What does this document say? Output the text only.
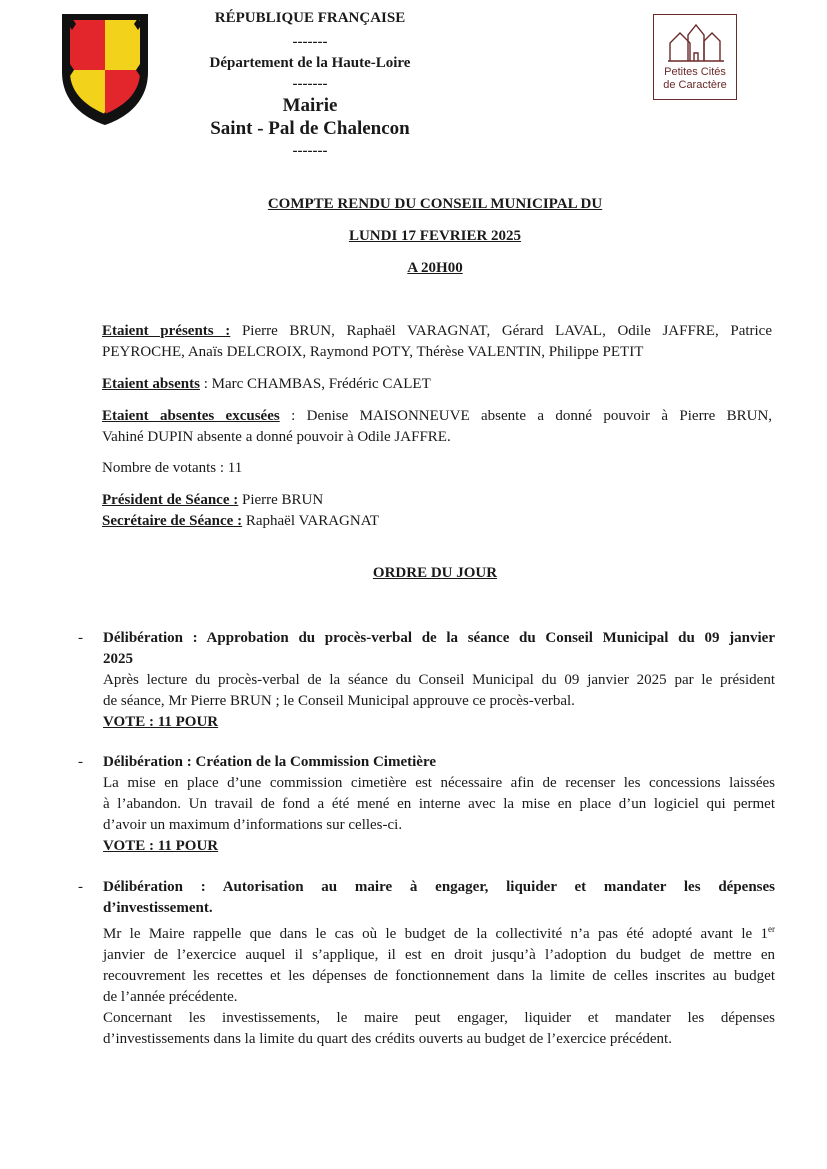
RÉPUBLIQUE FRANÇAISE
-------
Département de la Haute-Loire
-------
Mairie
Saint - Pal de Chalencon
-------
Petites Cités
de Caractère
COMPTE RENDU DU CONSEIL MUNICIPAL DU
LUNDI 17 FEVRIER 2025
A 20H00
Etaient présents : Pierre BRUN, Raphaël VARAGNAT, Gérard LAVAL, Odile JAFFRE, Patrice
PEYROCHE, Anaïs DELCROIX, Raymond POTY, Thérèse VALENTIN, Philippe PETIT
Etaient absents : Marc CHAMBAS, Frédéric CALET
Etaient absentes excusées : Denise MAISONNEUVE absente a donné pouvoir à Pierre BRUN,
Vahiné DUPIN absente a donné pouvoir à Odile JAFFRE.
Nombre de votants : 11
Président de Séance : Pierre BRUN
Secrétaire de Séance : Raphaël VARAGNAT
ORDRE DU JOUR
- Délibération : Approbation du procès-verbal de la séance du Conseil Municipal du 09 janvier
2025
Après lecture du procès-verbal de la séance du Conseil Municipal du 09 janvier 2025 par le président
de séance, Mr Pierre BRUN ; le Conseil Municipal approuve ce procès-verbal.
VOTE : 11 POUR
- Délibération : Création de la Commission Cimetière
La mise en place d’une commission cimetière est nécessaire afin de recenser les concessions laissées
à l’abandon. Un travail de fond a été mené en interne avec la mise en place d’un logiciel qui permet
d’avoir un maximum d’informations sur celles-ci.
VOTE : 11 POUR
- Délibération : Autorisation au maire à engager, liquider et mandater les dépenses
d’investissement.
Mr le Maire rappelle que dans le cas où le budget de la collectivité n’a pas été adopté avant le 1er
janvier de l’exercice auquel il s’applique, il est en droit jusqu’à l’adoption du budget de mettre en
recouvrement les recettes et les dépenses de fonctionnement dans la limite de celles inscrites au budget
de l’année précédente.
Concernant les investissements, le maire peut engager, liquider et mandater les dépenses
d’investissements dans la limite du quart des crédits ouverts au budget de l’exercice précédent.
